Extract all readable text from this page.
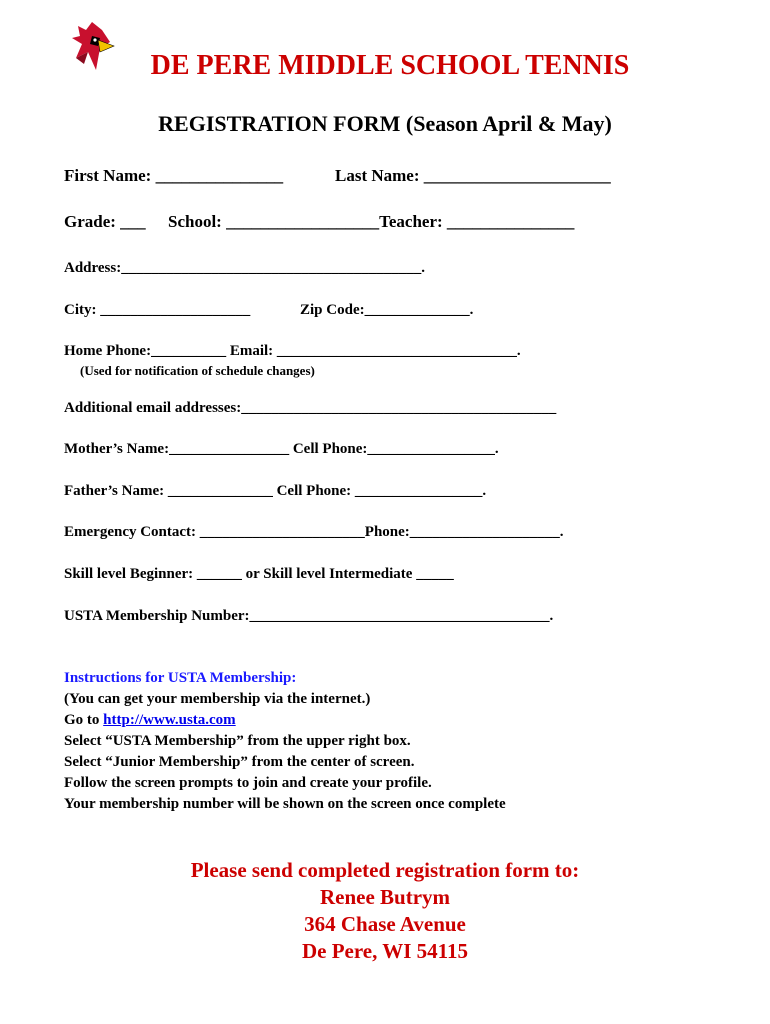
DE PERE MIDDLE SCHOOL TENNIS
REGISTRATION FORM (Season April & May)
First Name: _______________	Last Name: ______________________
Grade: ___ School: __________________Teacher: _______________
Address:________________________________________.
City: ____________________	Zip Code:______________.
Home Phone:__________ Email: ________________________________.
(Used for notification of schedule changes)
Additional email addresses:__________________________________________
Mother’s Name:________________ Cell Phone:_________________.
Father’s Name: ______________ Cell Phone: _________________.
Emergency Contact: ______________________Phone:____________________.
Skill level Beginner: ______ or Skill level Intermediate _____
USTA Membership Number:________________________________________.
Instructions for USTA Membership:
(You can get your membership via the internet.)
Go to http://www.usta.com
Select “USTA Membership” from the upper right box.
Select “Junior Membership” from the center of screen.
Follow the screen prompts to join and create your profile.
Your membership number will be shown on the screen once complete
Please send completed registration form to:
Renee Butrym
364 Chase Avenue
De Pere, WI 54115
